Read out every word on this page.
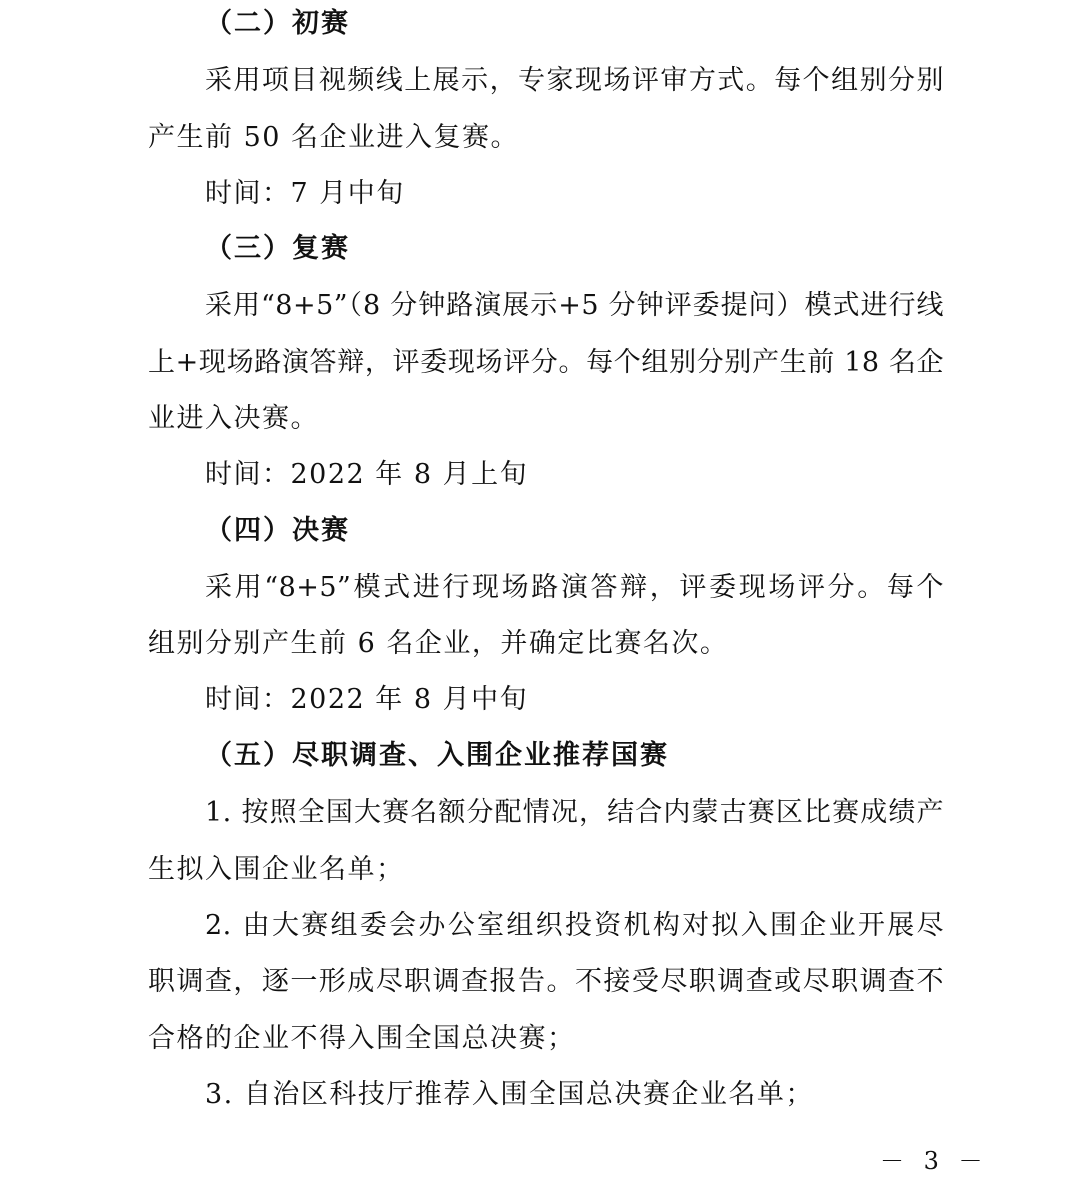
（二）初赛
采用项目视频线上展示，专家现场评审方式。每个组别分别
产生前 50 名企业进入复赛。
时间：7 月中旬
（三）复赛
采用“8+5”（8 分钟路演展示+5 分钟评委提问）模式进行线
上+现场路演答辩，评委现场评分。每个组别分别产生前 18 名企
业进入决赛。
时间：2022 年 8 月上旬
（四）决赛
采用“8+5”模式进行现场路演答辩，评委现场评分。每个
组别分别产生前 6 名企业，并确定比赛名次。
时间：2022 年 8 月中旬
（五）尽职调查、入围企业推荐国赛
1. 按照全国大赛名额分配情况，结合内蒙古赛区比赛成绩产
生拟入围企业名单；
2. 由大赛组委会办公室组织投资机构对拟入围企业开展尽
职调查，逐一形成尽职调查报告。不接受尽职调查或尽职调查不
合格的企业不得入围全国总决赛；
3. 自治区科技厅推荐入围全国总决赛企业名单；
－ 3 －
